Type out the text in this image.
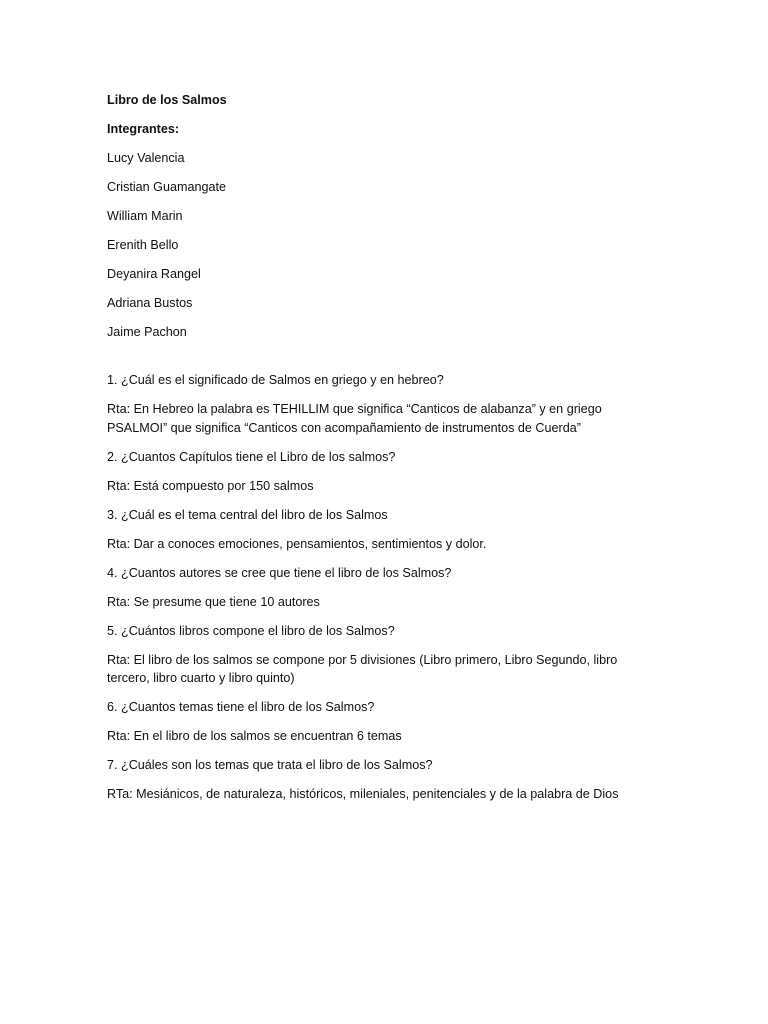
Libro de los Salmos

Integrantes:

Lucy Valencia

Cristian Guamangate

William Marin

Erenith Bello

Deyanira Rangel

Adriana Bustos

Jaime Pachon

1. ¿Cuál es el significado de Salmos en griego y en hebreo?

Rta: En Hebreo la palabra es TEHILLIM que significa “Canticos de alabanza” y en griego PSALMOI” que significa “Canticos con acompañamiento de instrumentos de Cuerda”

2. ¿Cuantos Capítulos tiene el Libro de los salmos?

Rta: Está compuesto por 150 salmos

3. ¿Cuál es el tema central del libro de los Salmos

Rta: Dar a conoces emociones, pensamientos, sentimientos y dolor.

4. ¿Cuantos autores se cree que tiene el libro de los Salmos?

Rta: Se presume que tiene 10 autores

5. ¿Cuántos libros compone el libro de los Salmos?

Rta: El libro de los salmos se compone por 5 divisiones (Libro primero, Libro Segundo, libro tercero, libro cuarto y libro quinto)

6. ¿Cuantos temas tiene el libro de los Salmos?

Rta: En el libro de los salmos se encuentran 6 temas

7. ¿Cuáles son los temas que trata el libro de los Salmos?

RTa: Mesiánicos, de naturaleza, históricos, mileniales, penitenciales y de la palabra de Dios
